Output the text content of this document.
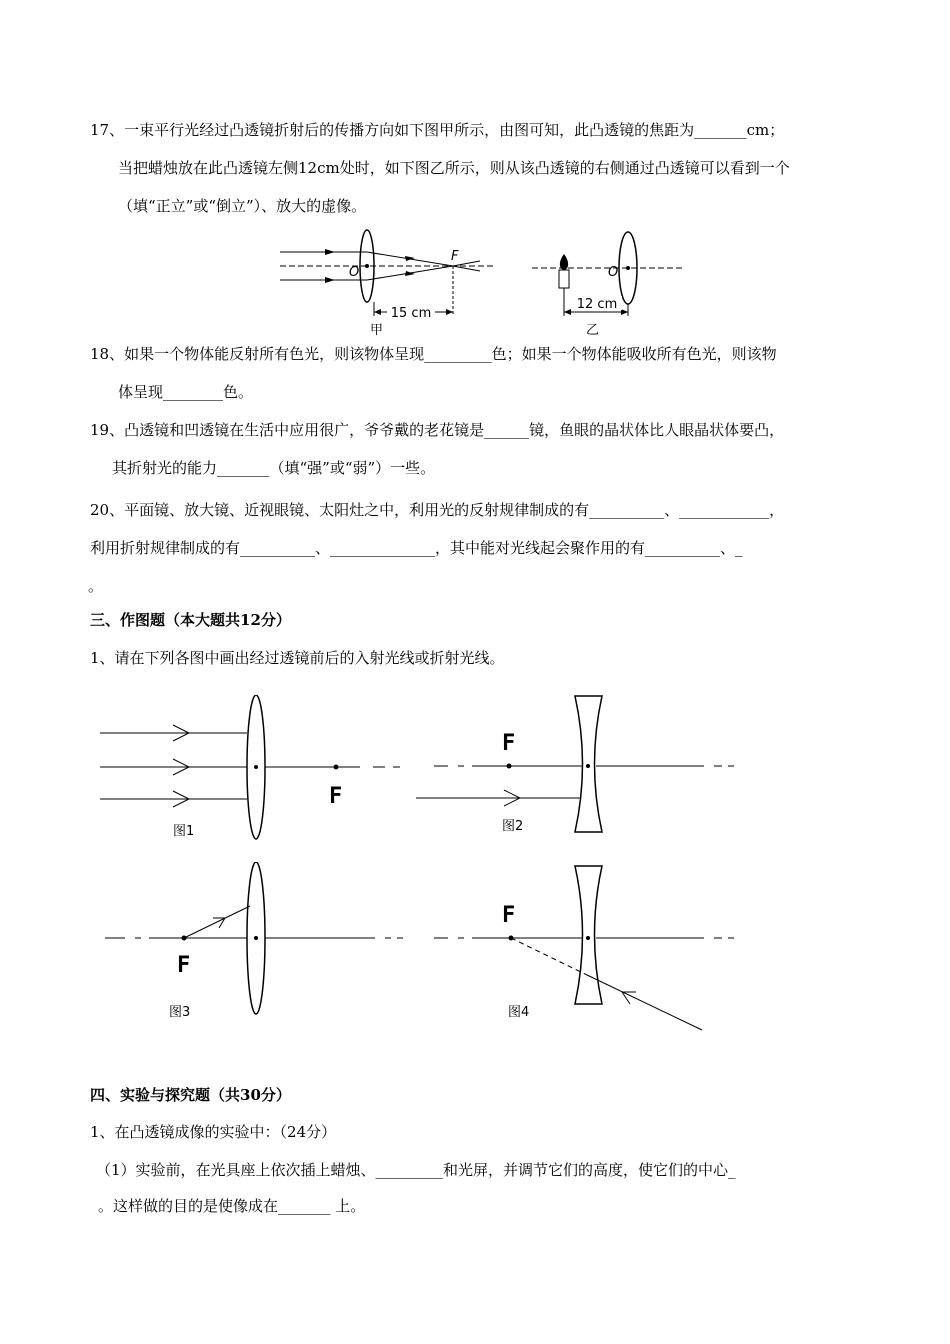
17、一束平行光经过凸透镜折射后的传播方向如下图甲所示，由图可知，此凸透镜的焦距为_______cm；
当把蜡烛放在此凸透镜左侧12cm处时，如下图乙所示，则从该凸透镜的右侧通过凸透镜可以看到一个
（填“正立”或“倒立”）、放大的虚像。
15 cm
O
F
甲
12 cm
O
乙
18、如果一个物体能反射所有色光，则该物体呈现_________色；如果一个物体能吸收所有色光，则该物
体呈现________色。
19、凸透镜和凹透镜在生活中应用很广，爷爷戴的老花镜是______镜，鱼眼的晶状体比人眼晶状体要凸，
其折射光的能力_______（填“强”或“弱”）一些。
20、平面镜、放大镜、近视眼镜、太阳灶之中，利用光的反射规律制成的有__________、____________，
利用折射规律制成的有__________、______________，其中能对光线起会聚作用的有__________、_
。
三、作图题（本大题共12分）
1、请在下列各图中画出经过透镜前后的入射光线或折射光线。
F
图1
F
图2
F
图3
F
图4
四、实验与探究题（共30分）
1、在凸透镜成像的实验中：（24分）
（1）实验前，在光具座上依次插上蜡烛、_________和光屏，并调节它们的高度，使它们的中心_
。这样做的目的是使像成在_______ 上。
